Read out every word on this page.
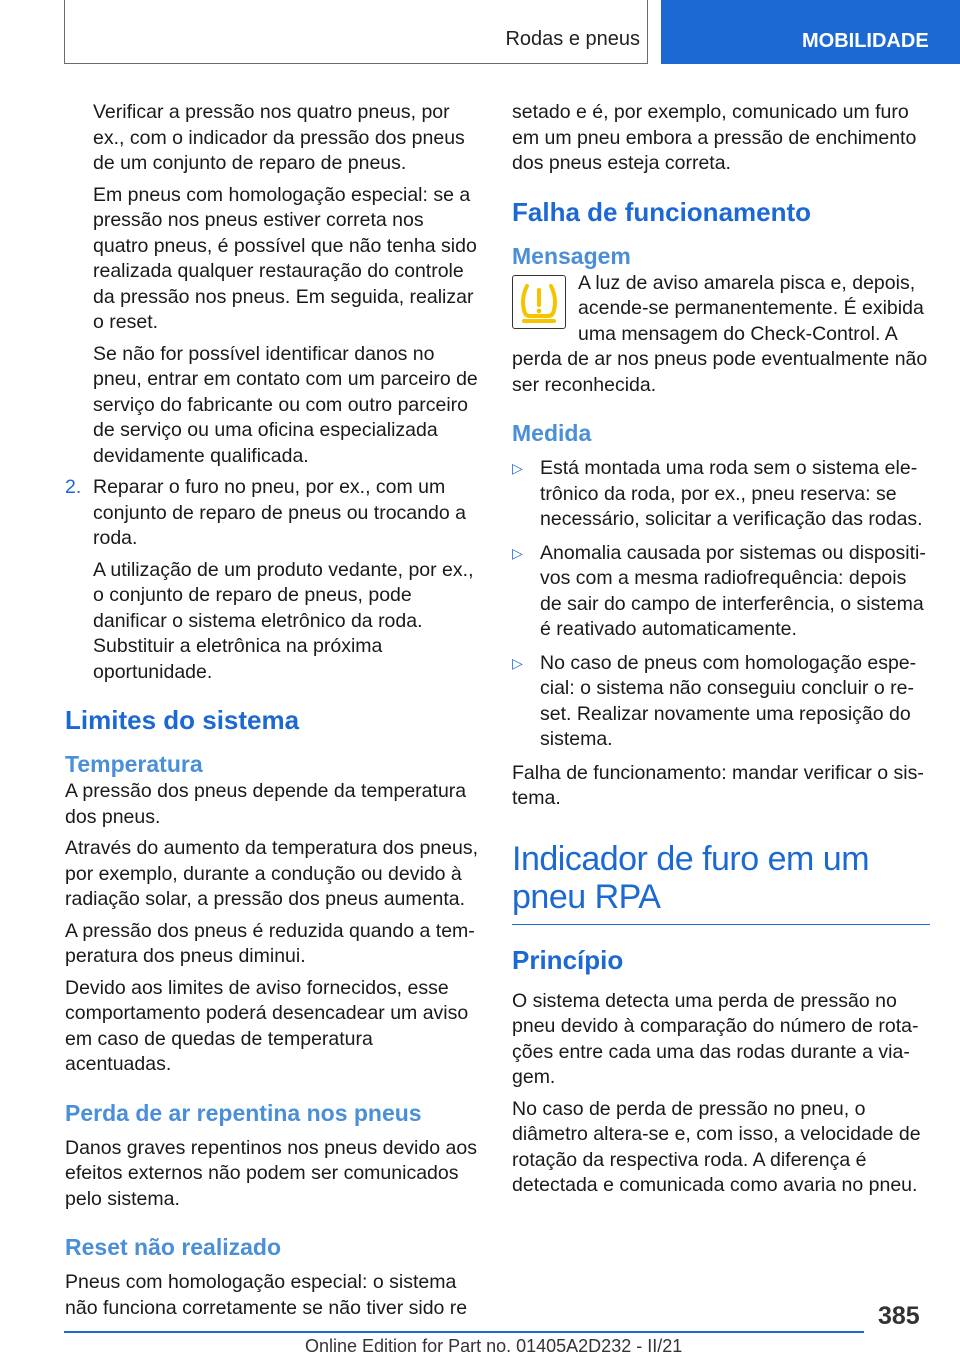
Rodas e pneus	MOBILIDADE

Verificar a pressão nos quatro pneus, por ex., com o indicador da pressão dos pneus de um conjunto de reparo de pneus.

Em pneus com homologação especial: se a pressão nos pneus estiver correta nos quatro pneus, é possível que não tenha sido realizada qualquer restauração do controle da pressão nos pneus. Em seguida, realizar o reset.

Se não for possível identificar danos no pneu, entrar em contato com um parceiro de serviço do fabricante ou com outro parceiro de serviço ou uma oficina especializada devidamente qualificada.

2. Reparar o furo no pneu, por ex., com um conjunto de reparo de pneus ou trocando a roda.

A utilização de um produto vedante, por ex., o conjunto de reparo de pneus, pode danificar o sistema eletrônico da roda. Substituir a eletrônica na próxima oportunidade.

Limites do sistema
Temperatura

A pressão dos pneus depende da temperatura dos pneus.

Através do aumento da temperatura dos pneus, por exemplo, durante a condução ou devido à radiação solar, a pressão dos pneus aumenta.

A pressão dos pneus é reduzida quando a temperatura dos pneus diminui.

Devido aos limites de aviso fornecidos, esse comportamento poderá desencadear um aviso em caso de quedas de temperatura acentuadas.

Perda de ar repentina nos pneus

Danos graves repentinos nos pneus devido aos efeitos externos não podem ser comunicados pelo sistema.

Reset não realizado

Pneus com homologação especial: o sistema não funciona corretamente se não tiver sido re

setado e é, por exemplo, comunicado um furo em um pneu embora a pressão de enchimento dos pneus esteja correta.

Falha de funcionamento
Mensagem
A luz de aviso amarela pisca e, depois, acende-se permanentemente. É exibida uma mensagem do Check-Control. A perda de ar nos pneus pode eventualmente não ser reconhecida.
Medida

▷ Está montada uma roda sem o sistema eletrônico da roda, por ex., pneu reserva: se necessário, solicitar a verificação das rodas.

▷ Anomalia causada por sistemas ou dispositivos com a mesma radiofrequência: depois de sair do campo de interferência, o sistema é reativado automaticamente.

▷ No caso de pneus com homologação especial: o sistema não conseguiu concluir o reset. Realizar novamente uma reposição do sistema.

Falha de funcionamento: mandar verificar o sistema.

Indicador de furo em um pneu RPA
Princípio

O sistema detecta uma perda de pressão no pneu devido à comparação do número de rotações entre cada uma das rodas durante a viagem.

No caso de perda de pressão no pneu, o diâmetro altera-se e, com isso, a velocidade de rotação da respectiva roda. A diferença é detectada e comunicada como avaria no pneu.

385
Online Edition for Part no. 01405A2D232 - II/21
